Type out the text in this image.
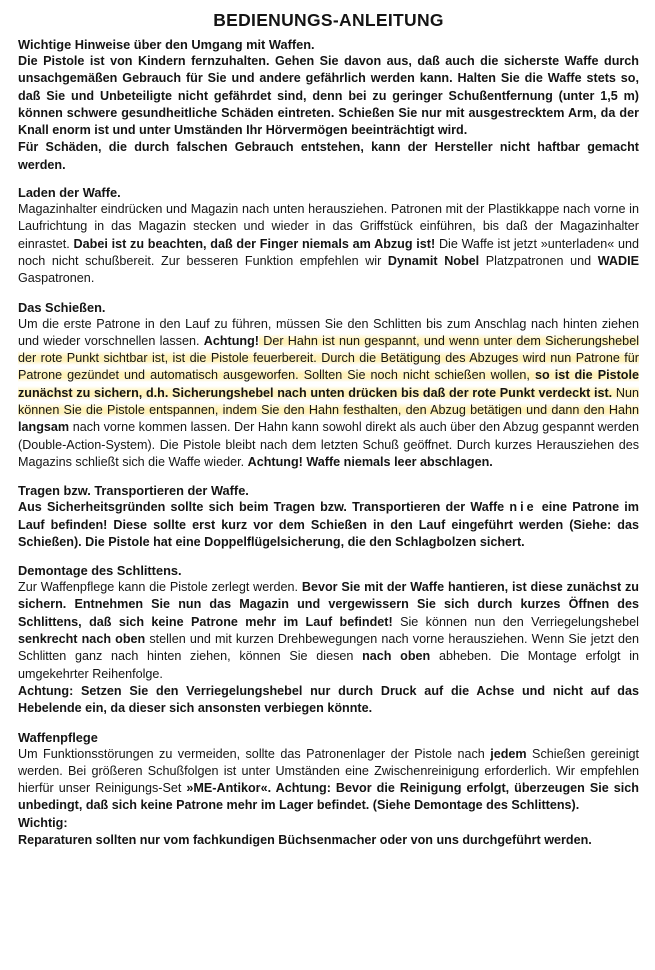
BEDIENUNGS-ANLEITUNG

Wichtige Hinweise über den Umgang mit Waffen.

Die Pistole ist von Kindern fernzuhalten. Gehen Sie davon aus, daß auch die sicherste Waffe durch unsachgemäßen Gebrauch für Sie und andere gefährlich werden kann. Halten Sie die Waffe stets so, daß Sie und Unbeteiligte nicht gefährdet sind, denn bei zu geringer Schußentfernung (unter 1,5 m) können schwere gesundheitliche Schäden eintreten. Schießen Sie nur mit ausgestrecktem Arm, da der Knall enorm ist und unter Umständen Ihr Hörvermögen beeinträchtigt wird.

Für Schäden, die durch falschen Gebrauch entstehen, kann der Hersteller nicht haftbar gemacht werden.

Laden der Waffe.

Magazinhalter eindrücken und Magazin nach unten herausziehen. Patronen mit der Plastikkappe nach vorne in Laufrichtung in das Magazin stecken und wieder in das Griffstück einführen, bis daß der Magazinhalter einrastet. Dabei ist zu beachten, daß der Finger niemals am Abzug ist! Die Waffe ist jetzt »unterladen« und noch nicht schußbereit. Zur besseren Funktion empfehlen wir Dynamit Nobel Platzpatronen und WADIE Gaspatronen.

Das Schießen.

Um die erste Patrone in den Lauf zu führen, müssen Sie den Schlitten bis zum Anschlag nach hinten ziehen und wieder vorschnellen lassen. Achtung! Der Hahn ist nun gespannt, und wenn unter dem Sicherungshebel der rote Punkt sichtbar ist, ist die Pistole feuerbereit. Durch die Betätigung des Abzuges wird nun Patrone für Patrone gezündet und automatisch ausgeworfen. Sollten Sie noch nicht schießen wollen, so ist die Pistole zunächst zu sichern, d.h. Sicherungshebel nach unten drücken bis daß der rote Punkt verdeckt ist. Nun können Sie die Pistole entspannen, indem Sie den Hahn festhalten, den Abzug betätigen und dann den Hahn langsam nach vorne kommen lassen. Der Hahn kann sowohl direkt als auch über den Abzug gespannt werden (Double-Action-System). Die Pistole bleibt nach dem letzten Schuß geöffnet. Durch kurzes Herausziehen des Magazins schließt sich die Waffe wieder. Achtung! Waffe niemals leer abschlagen.

Tragen bzw. Transportieren der Waffe.

Aus Sicherheitsgründen sollte sich beim Tragen bzw. Transportieren der Waffe nie eine Patrone im Lauf befinden! Diese sollte erst kurz vor dem Schießen in den Lauf eingeführt werden (Siehe: das Schießen). Die Pistole hat eine Doppelflügelsicherung, die den Schlagbolzen sichert.

Demontage des Schlittens.

Zur Waffenpflege kann die Pistole zerlegt werden. Bevor Sie mit der Waffe hantieren, ist diese zunächst zu sichern. Entnehmen Sie nun das Magazin und vergewissern Sie sich durch kurzes Öffnen des Schlittens, daß sich keine Patrone mehr im Lauf befindet! Sie können nun den Verriegelungshebel senkrecht nach oben stellen und mit kurzen Drehbewegungen nach vorne herausziehen. Wenn Sie jetzt den Schlitten ganz nach hinten ziehen, können Sie diesen nach oben abheben. Die Montage erfolgt in umgekehrter Reihenfolge.

Achtung: Setzen Sie den Verriegelungshebel nur durch Druck auf die Achse und nicht auf das Hebelende ein, da dieser sich ansonsten verbiegen könnte.

Waffenpflege

Um Funktionsstörungen zu vermeiden, sollte das Patronenlager der Pistole nach jedem Schießen gereinigt werden. Bei größeren Schußfolgen ist unter Umständen eine Zwischenreinigung erforderlich. Wir empfehlen hierfür unser Reinigungs-Set »ME-Antikor«. Achtung: Bevor die Reinigung erfolgt, überzeugen Sie sich unbedingt, daß sich keine Patrone mehr im Lager befindet. (Siehe Demontage des Schlittens).

Wichtig:

Reparaturen sollten nur vom fachkundigen Büchsenmacher oder von uns durchgeführt werden.
